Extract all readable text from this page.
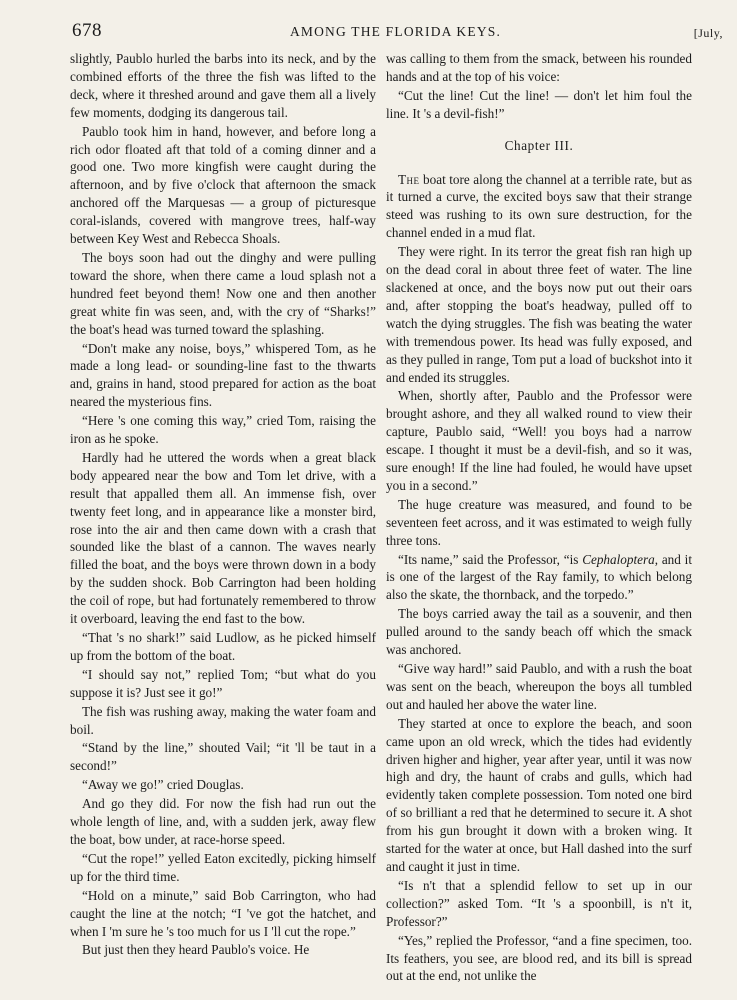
678	AMONG THE FLORIDA KEYS.	[July,

slightly, Paublo hurled the barbs into its neck, and by the combined efforts of the three the fish was lifted to the deck, where it threshed around and gave them all a lively few moments, dodging its dangerous tail.

Paublo took him in hand, however, and before long a rich odor floated aft that told of a coming dinner and a good one. Two more kingfish were caught during the afternoon, and by five o'clock that afternoon the smack anchored off the Marquesas — a group of picturesque coral-islands, covered with mangrove trees, half-way between Key West and Rebecca Shoals.

The boys soon had out the dinghy and were pulling toward the shore, when there came a loud splash not a hundred feet beyond them! Now one and then another great white fin was seen, and, with the cry of “Sharks!” the boat's head was turned toward the splashing.

“Don't make any noise, boys,” whispered Tom, as he made a long lead- or sounding-line fast to the thwarts and, grains in hand, stood prepared for action as the boat neared the mysterious fins.

“Here 's one coming this way,” cried Tom, raising the iron as he spoke.

Hardly had he uttered the words when a great black body appeared near the bow and Tom let drive, with a result that appalled them all. An immense fish, over twenty feet long, and in appearance like a monster bird, rose into the air and then came down with a crash that sounded like the blast of a cannon. The waves nearly filled the boat, and the boys were thrown down in a body by the sudden shock. Bob Carrington had been holding the coil of rope, but had fortunately remembered to throw it overboard, leaving the end fast to the bow.

“That 's no shark!” said Ludlow, as he picked himself up from the bottom of the boat.

“I should say not,” replied Tom; “but what do you suppose it is? Just see it go!”

The fish was rushing away, making the water foam and boil.

“Stand by the line,” shouted Vail; “it 'll be taut in a second!”

“Away we go!” cried Douglas.

And go they did. For now the fish had run out the whole length of line, and, with a sudden jerk, away flew the boat, bow under, at race-horse speed.

“Cut the rope!” yelled Eaton excitedly, picking himself up for the third time.

“Hold on a minute,” said Bob Carrington, who had caught the line at the notch; “I 've got the hatchet, and when I 'm sure he 's too much for us I 'll cut the rope.”

But just then they heard Paublo's voice. He

was calling to them from the smack, between his rounded hands and at the top of his voice:

“Cut the line! Cut the line! — don't let him foul the line. It 's a devil-fish!”

Chapter III.

The boat tore along the channel at a terrible rate, but as it turned a curve, the excited boys saw that their strange steed was rushing to its own sure destruction, for the channel ended in a mud flat.

They were right. In its terror the great fish ran high up on the dead coral in about three feet of water. The line slackened at once, and the boys now put out their oars and, after stopping the boat's headway, pulled off to watch the dying struggles. The fish was beating the water with tremendous power. Its head was fully exposed, and as they pulled in range, Tom put a load of buckshot into it and ended its struggles.

When, shortly after, Paublo and the Professor were brought ashore, and they all walked round to view their capture, Paublo said, “Well! you boys had a narrow escape. I thought it must be a devil-fish, and so it was, sure enough! If the line had fouled, he would have upset you in a second.”

The huge creature was measured, and found to be seventeen feet across, and it was estimated to weigh fully three tons.

“Its name,” said the Professor, “is Cephaloptera, and it is one of the largest of the Ray family, to which belong also the skate, the thornback, and the torpedo.”

The boys carried away the tail as a souvenir, and then pulled around to the sandy beach off which the smack was anchored.

“Give way hard!” said Paublo, and with a rush the boat was sent on the beach, whereupon the boys all tumbled out and hauled her above the water line.

They started at once to explore the beach, and soon came upon an old wreck, which the tides had evidently driven higher and higher, year after year, until it was now high and dry, the haunt of crabs and gulls, which had evidently taken complete possession. Tom noted one bird of so brilliant a red that he determined to secure it. A shot from his gun brought it down with a broken wing. It started for the water at once, but Hall dashed into the surf and caught it just in time.

“Is n't that a splendid fellow to set up in our collection?” asked Tom. “It 's a spoonbill, is n't it, Professor?”

“Yes,” replied the Professor, “and a fine specimen, too. Its feathers, you see, are blood red, and its bill is spread out at the end, not unlike the
